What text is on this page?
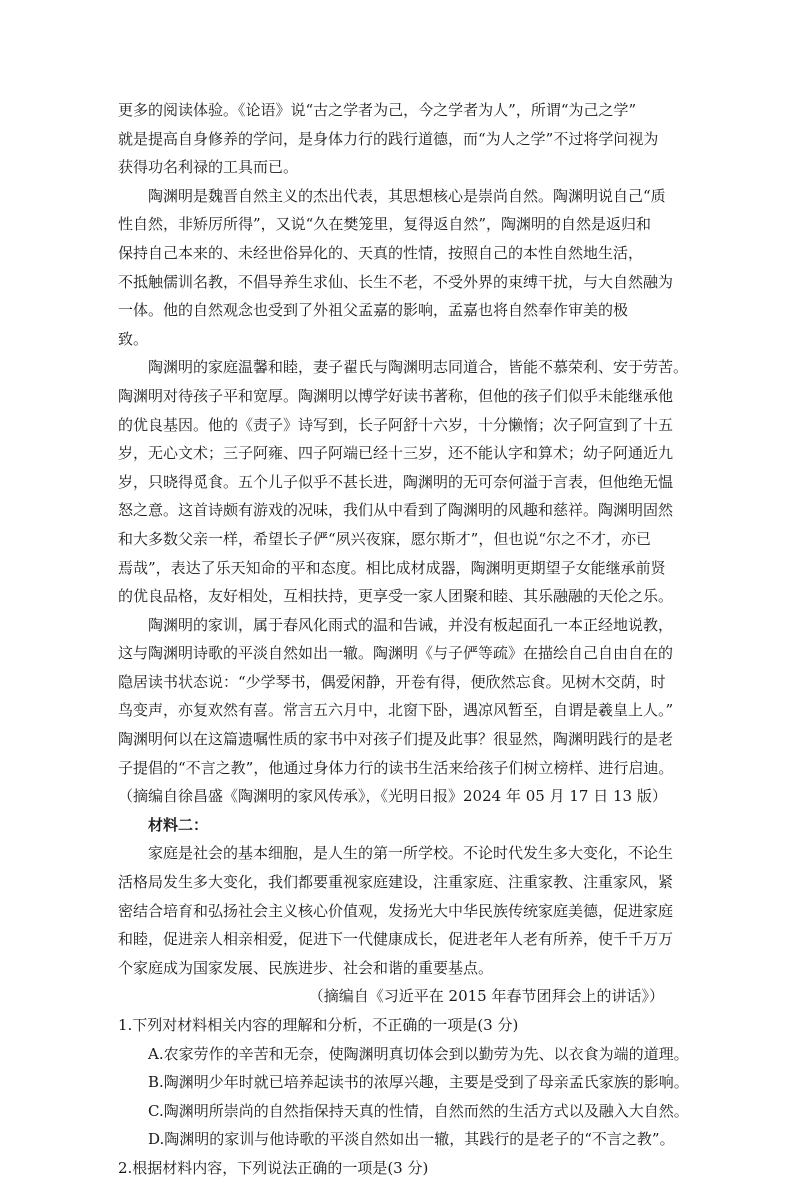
更多的阅读体验。《论语》说“古之学者为己，今之学者为人”，所谓“为己之学”
就是提高自身修养的学问，是身体力行的践行道德，而“为人之学”不过将学问视为
获得功名利禄的工具而已。
陶渊明是魏晋自然主义的杰出代表，其思想核心是崇尚自然。陶渊明说自己“质
性自然，非矫厉所得”，又说“久在樊笼里，复得返自然”，陶渊明的自然是返归和
保持自己本来的、未经世俗异化的、天真的性情，按照自己的本性自然地生活，
不抵触儒训名教，不倡导养生求仙、长生不老，不受外界的束缚干扰，与大自然融为
一体。他的自然观念也受到了外祖父孟嘉的影响，孟嘉也将自然奉作审美的极
致。
陶渊明的家庭温馨和睦，妻子翟氏与陶渊明志同道合，皆能不慕荣利、安于劳苦。
陶渊明对待孩子平和宽厚。陶渊明以博学好读书著称，但他的孩子们似乎未能继承他
的优良基因。他的《责子》诗写到，长子阿舒十六岁，十分懒惰；次子阿宣到了十五
岁，无心文术；三子阿雍、四子阿端已经十三岁，还不能认字和算术；幼子阿通近九
岁，只晓得觅食。五个儿子似乎不甚长进，陶渊明的无可奈何溢于言表，但他绝无愠
怒之意。这首诗颇有游戏的况味，我们从中看到了陶渊明的风趣和慈祥。陶渊明固然
和大多数父亲一样，希望长子俨“夙兴夜寐，愿尔斯才”，但也说“尔之不才，亦已
焉哉”，表达了乐天知命的平和态度。相比成材成器，陶渊明更期望子女能继承前贤
的优良品格，友好相处，互相扶持，更享受一家人团聚和睦、其乐融融的天伦之乐。
陶渊明的家训，属于春风化雨式的温和告诫，并没有板起面孔一本正经地说教，
这与陶渊明诗歌的平淡自然如出一辙。陶渊明《与子俨等疏》在描绘自己自由自在的
隐居读书状态说：“少学琴书，偶爱闲静，开卷有得，便欣然忘食。见树木交荫，时
鸟变声，亦复欢然有喜。常言五六月中，北窗下卧，遇凉风暂至，自谓是羲皇上人。”
陶渊明何以在这篇遗嘱性质的家书中对孩子们提及此事？很显然，陶渊明践行的是老
子提倡的“不言之教”，他通过身体力行的读书生活来给孩子们树立榜样、进行启迪。
（摘编自徐昌盛《陶渊明的家风传承》，《光明日报》2024 年 05 月 17 日 13 版）
材料二：
家庭是社会的基本细胞，是人生的第一所学校。不论时代发生多大变化，不论生
活格局发生多大变化，我们都要重视家庭建设，注重家庭、注重家教、注重家风，紧
密结合培育和弘扬社会主义核心价值观，发扬光大中华民族传统家庭美德，促进家庭
和睦，促进亲人相亲相爱，促进下一代健康成长，促进老年人老有所养，使千千万万
个家庭成为国家发展、民族进步、社会和谐的重要基点。
（摘编自《习近平在 2015 年春节团拜会上的讲话》）
1.下列对材料相关内容的理解和分析，不正确的一项是(3 分)
A.农家劳作的辛苦和无奈，使陶渊明真切体会到以勤劳为先、以衣食为端的道理。
B.陶渊明少年时就已培养起读书的浓厚兴趣，主要是受到了母亲孟氏家族的影响。
C.陶渊明所崇尚的自然指保持天真的性情，自然而然的生活方式以及融入大自然。
D.陶渊明的家训与他诗歌的平淡自然如出一辙，其践行的是老子的“不言之教”。
2.根据材料内容，下列说法正确的一项是(3 分)
